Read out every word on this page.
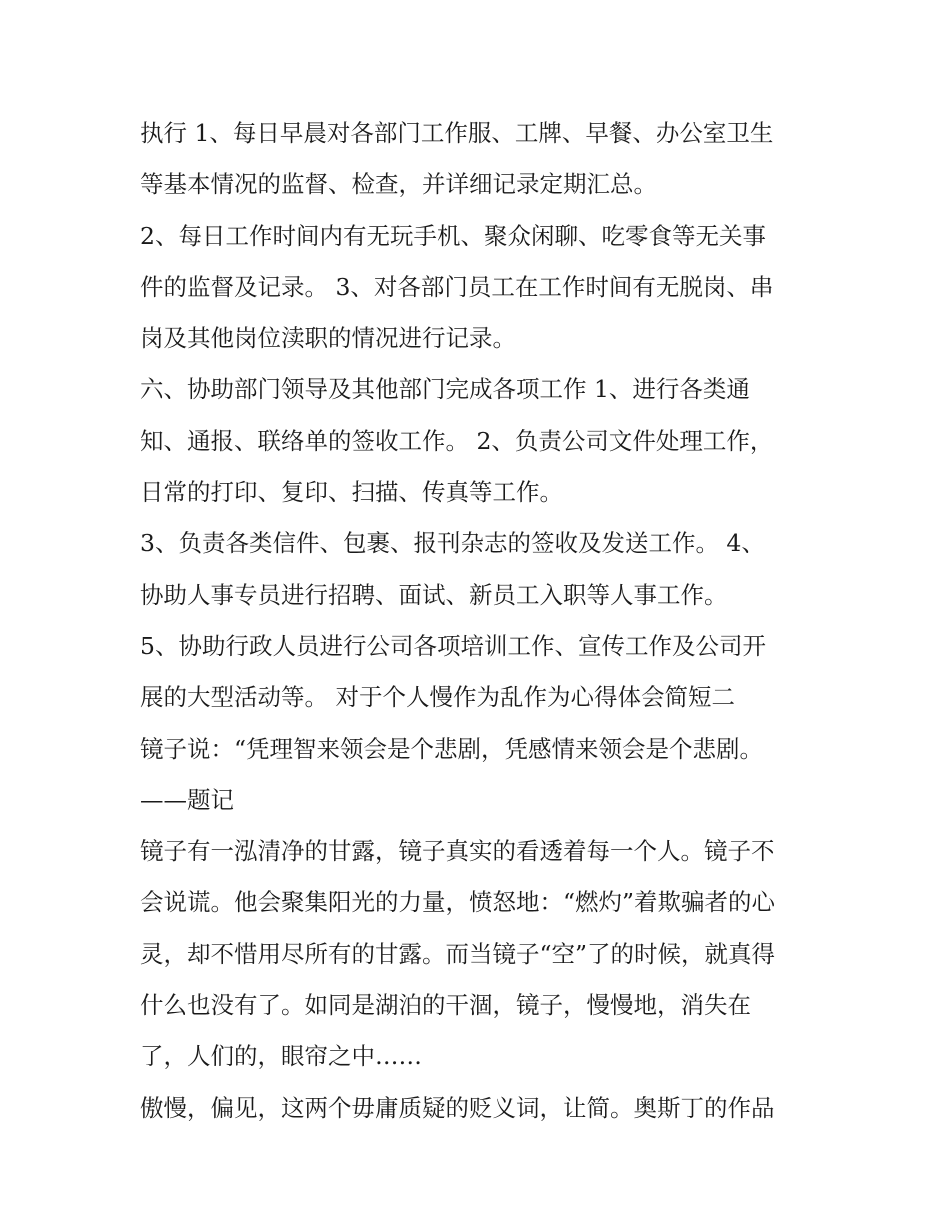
执行 1、每日早晨对各部门工作服、工牌、早餐、办公室卫生
等基本情况的监督、检查，并详细记录定期汇总。
2、每日工作时间内有无玩手机、聚众闲聊、吃零食等无关事
件的监督及记录。 3、对各部门员工在工作时间有无脱岗、串
岗及其他岗位渎职的情况进行记录。
六、协助部门领导及其他部门完成各项工作 1、进行各类通
知、通报、联络单的签收工作。 2、负责公司文件处理工作，
日常的打印、复印、扫描、传真等工作。
3、负责各类信件、包裹、报刊杂志的签收及发送工作。 4、
协助人事专员进行招聘、面试、新员工入职等人事工作。
5、协助行政人员进行公司各项培训工作、宣传工作及公司开
展的大型活动等。 对于个人慢作为乱作为心得体会简短二
镜子说：“凭理智来领会是个悲剧，凭感情来领会是个悲剧。
——题记
镜子有一泓清净的甘露，镜子真实的看透着每一个人。镜子不
会说谎。他会聚集阳光的力量，愤怒地：“燃灼”着欺骗者的心
灵，却不惜用尽所有的甘露。而当镜子“空”了的时候，就真得
什么也没有了。如同是湖泊的干涸，镜子，慢慢地，消失在
了，人们的，眼帘之中……
傲慢，偏见，这两个毋庸质疑的贬义词，让简。奥斯丁的作品
